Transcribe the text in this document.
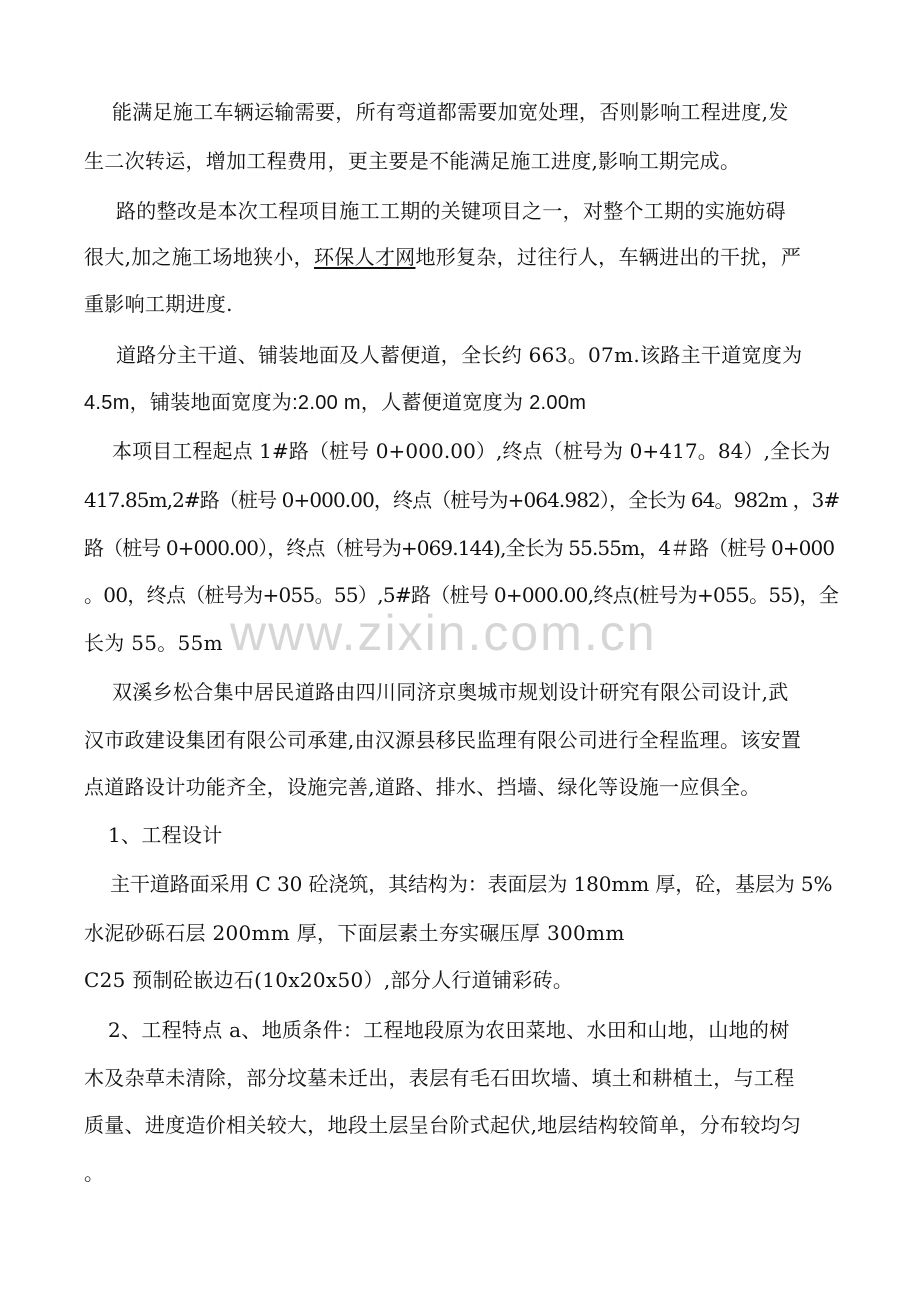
www.zixin.com.cn
能满足施工车辆运输需要，所有弯道都需要加宽处理，否则影响工程进度,发
生二次转运，增加工程费用，更主要是不能满足施工进度,影响工期完成。
路的整改是本次工程项目施工工期的关键项目之一，对整个工期的实施妨碍
很大,加之施工场地狭小，环保人才网地形复杂，过往行人，车辆进出的干扰，严
重影响工期进度.
道路分主干道、铺装地面及人蓄便道，全长约 663。07m.该路主干道宽度为
4.5m，铺装地面宽度为:2.00 m，人蓄便道宽度为 2.00m
本项目工程起点 1#路（桩号 0+000.00）,终点（桩号为 0+417。84）,全长为
417.85m,2#路（桩号 0+000.00，终点（桩号为+064.982），全长为 64。982m ，3#
路（桩号 0+000.00），终点（桩号为+069.144),全长为 55.55m，4＃路（桩号 0+000
。00，终点（桩号为+055。55）,5#路（桩号 0+000.00,终点(桩号为+055。55)，全
长为 55。55m
双溪乡松合集中居民道路由四川同济京奥城市规划设计研究有限公司设计,武
汉市政建设集团有限公司承建,由汉源县移民监理有限公司进行全程监理。该安置
点道路设计功能齐全，设施完善,道路、排水、挡墙、绿化等设施一应俱全。
1、工程设计
主干道路面采用 C 30 砼浇筑，其结构为：表面层为 180mm 厚，砼，基层为 5%
水泥砂砾石层 200mm 厚，下面层素土夯实碾压厚 300mm
C25 预制砼嵌边石(10x20x50）,部分人行道铺彩砖。
2、工程特点 a、地质条件：工程地段原为农田菜地、水田和山地，山地的树
木及杂草未清除，部分坟墓未迁出，表层有毛石田坎墙、填土和耕植土，与工程
质量、进度造价相关较大，地段土层呈台阶式起伏,地层结构较简单，分布较均匀
。
